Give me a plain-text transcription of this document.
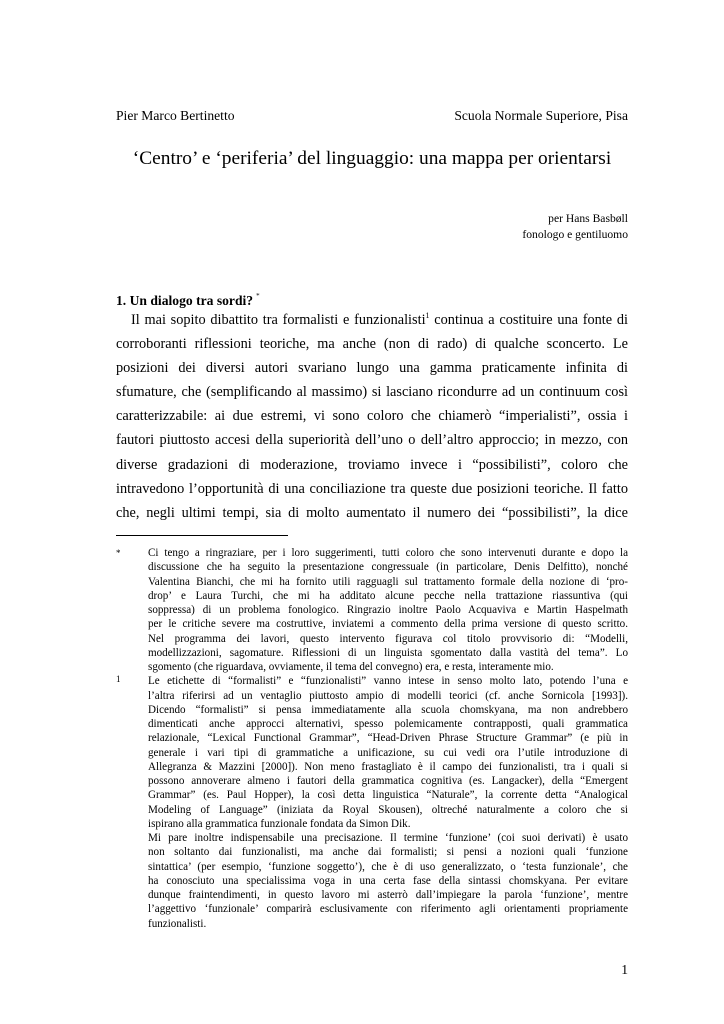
Pier Marco Bertinetto	Scuola Normale Superiore, Pisa
‘Centro’ e ‘periferia’ del linguaggio: una mappa per orientarsi
per Hans Basbøll
fonologo e gentiluomo
1. Un dialogo tra sordi? *
Il mai sopito dibattito tra formalisti e funzionalisti$^1$ continua a costituire una fonte di
corroboranti riflessioni teoriche, ma anche (non di rado) di qualche sconcerto. Le
posizioni dei diversi autori svariano lungo una gamma praticamente infinita di
sfumature, che (semplificando al massimo) si lasciano ricondurre ad un continuum così
caratterizzabile: ai due estremi, vi sono coloro che chiamerò “imperialisti”, ossia i
fautori piuttosto accesi della superiorità dell’uno o dell’altro approccio; in mezzo, con
diverse gradazioni di moderazione, troviamo invece i “possibilisti”, coloro che
intravedono l’opportunità di una conciliazione tra queste due posizioni teoriche. Il fatto
che, negli ultimi tempi, sia di molto aumentato il numero dei “possibilisti”, la dice
* Ci tengo a ringraziare, per i loro suggerimenti, tutti coloro che sono intervenuti durante e dopo la
discussione che ha seguito la presentazione congressuale (in particolare, Denis Delfitto), nonché
Valentina Bianchi, che mi ha fornito utili ragguagli sul trattamento formale della nozione di ‘pro-
drop’ e Laura Turchi, che mi ha additato alcune pecche nella trattazione riassuntiva (qui
soppressa) di un problema fonologico. Ringrazio inoltre Paolo Acquaviva e Martin Haspelmath
per le critiche severe ma costruttive, inviatemi a commento della prima versione di questo scritto.
Nel programma dei lavori, questo intervento figurava col titolo provvisorio di: “Modelli,
modellizzazioni, sagomature. Riflessioni di un linguista sgomentato dalla vastità del tema”. Lo
sgomento (che riguardava, ovviamente, il tema del convegno) era, e resta, interamente mio.
1 Le etichette di “formalisti” e “funzionalisti” vanno intese in senso molto lato, potendo l’una e
l’altra riferirsi ad un ventaglio piuttosto ampio di modelli teorici (cf. anche Sornicola [1993]).
Dicendo “formalisti” si pensa immediatamente alla scuola chomskyana, ma non andrebbero
dimenticati anche approcci alternativi, spesso polemicamente contrapposti, quali grammatica
relazionale, “Lexical Functional Grammar”, “Head-Driven Phrase Structure Grammar” (e più in
generale i vari tipi di grammatiche a unificazione, su cui vedi ora l’utile introduzione di
Allegranza & Mazzini [2000]). Non meno frastagliato è il campo dei funzionalisti, tra i quali si
possono annoverare almeno i fautori della grammatica cognitiva (es. Langacker), della “Emergent
Grammar” (es. Paul Hopper), la così detta linguistica “Naturale”, la corrente detta “Analogical
Modeling of Language” (iniziata da Royal Skousen), oltreché naturalmente a coloro che si
ispirano alla grammatica funzionale fondata da Simon Dik.
Mi pare inoltre indispensabile una precisazione. Il termine ‘funzione’ (coi suoi derivati) è usato
non soltanto dai funzionalisti, ma anche dai formalisti; si pensi a nozioni quali ‘funzione
sintattica’ (per esempio, ‘funzione soggetto’), che è di uso generalizzato, o ‘testa funzionale’, che
ha conosciuto una specialissima voga in una certa fase della sintassi chomskyana. Per evitare
dunque fraintendimenti, in questo lavoro mi asterrò dall’impiegare la parola ‘funzione’, mentre
l’aggettivo ‘funzionale’ comparirà esclusivamente con riferimento agli orientamenti propriamente
funzionalisti.
1
